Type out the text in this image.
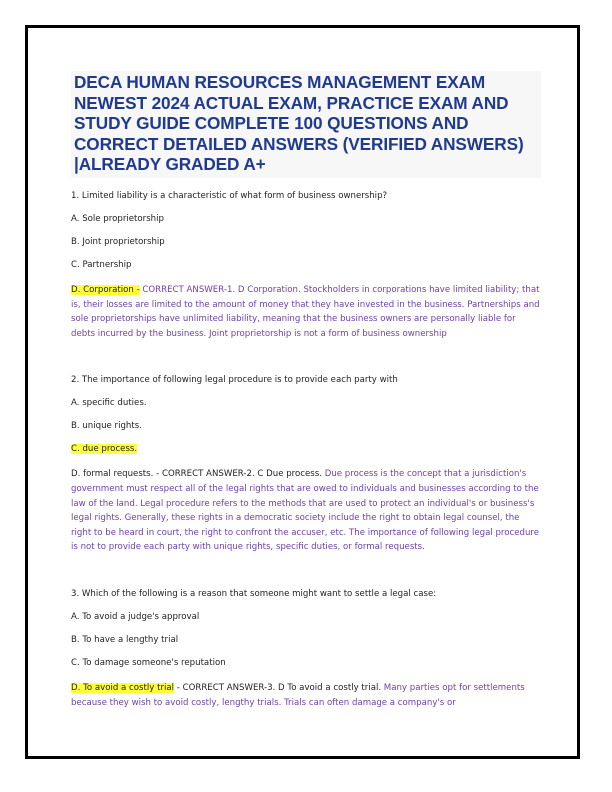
DECA HUMAN RESOURCES MANAGEMENT EXAM NEWEST 2024 ACTUAL EXAM, PRACTICE EXAM AND STUDY GUIDE COMPLETE 100 QUESTIONS AND CORRECT DETAILED ANSWERS (VERIFIED ANSWERS) |ALREADY GRADED A+

1. Limited liability is a characteristic of what form of business ownership?

A. Sole proprietorship

B. Joint proprietorship

C. Partnership

D. Corporation - CORRECT ANSWER-1. D Corporation. Stockholders in corporations have limited liability; that is, their losses are limited to the amount of money that they have invested in the business. Partnerships and sole proprietorships have unlimited liability, meaning that the business owners are personally liable for debts incurred by the business. Joint proprietorship is not a form of business ownership

2. The importance of following legal procedure is to provide each party with

A. specific duties.

B. unique rights.

C. due process.

D. formal requests. - CORRECT ANSWER-2. C Due process. Due process is the concept that a jurisdiction's government must respect all of the legal rights that are owed to individuals and businesses according to the law of the land. Legal procedure refers to the methods that are used to protect an individual's or business's legal rights. Generally, these rights in a democratic society include the right to obtain legal counsel, the right to be heard in court, the right to confront the accuser, etc. The importance of following legal procedure is not to provide each party with unique rights, specific duties, or formal requests.

3. Which of the following is a reason that someone might want to settle a legal case:

A. To avoid a judge's approval

B. To have a lengthy trial

C. To damage someone's reputation

D. To avoid a costly trial - CORRECT ANSWER-3. D To avoid a costly trial. Many parties opt for settlements because they wish to avoid costly, lengthy trials. Trials can often damage a company's or
